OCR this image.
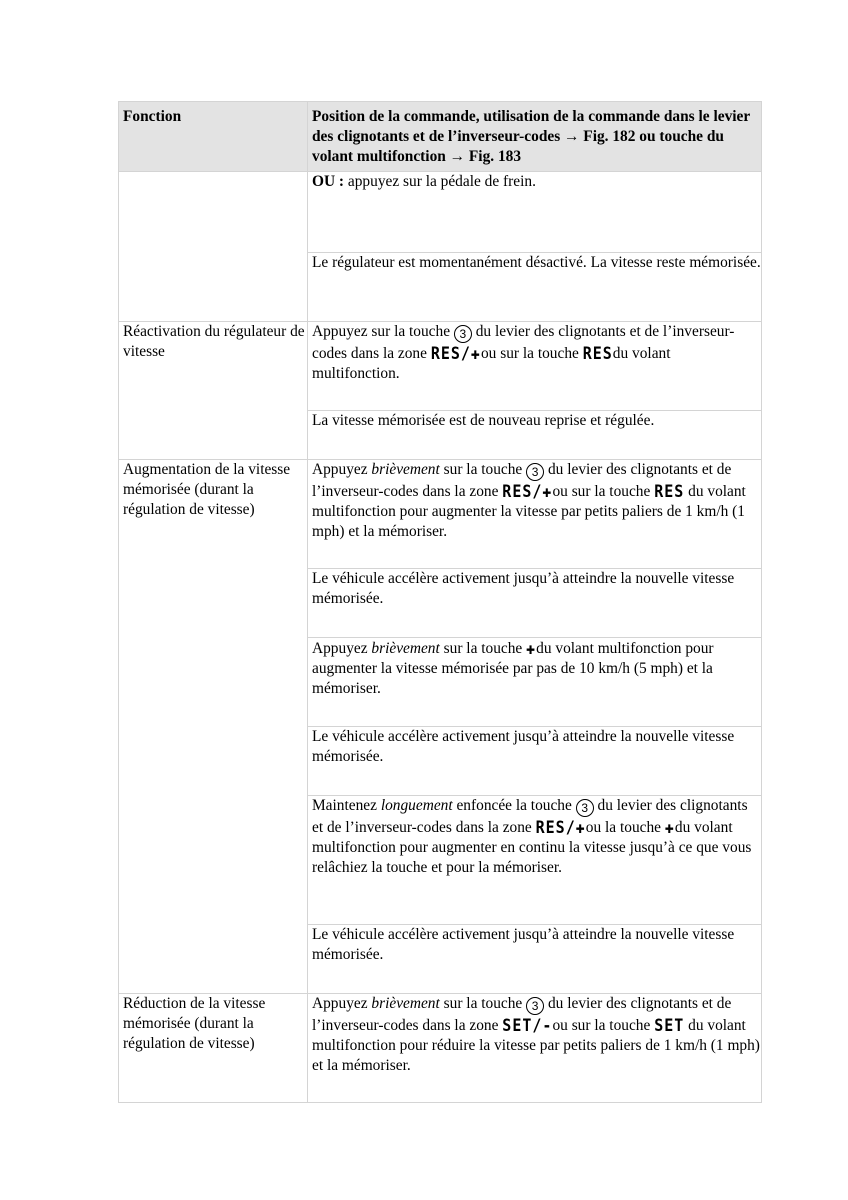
Fonction	Position de la commande, utilisation de la commande dans le levier des clignotants et de l’inverseur-codes → Fig. 182 ou touche du volant multifonction → Fig. 183
	OU : appuyez sur la pédale de frein.
	Le régulateur est momentanément désactivé. La vitesse reste mémorisée.
Réactivation du régulateur de vitesse	Appuyez sur la touche 3 du levier des clignotants et de l’inverseur-codes dans la zone RES/✚ou sur la touche RESdu volant multifonction.
	La vitesse mémorisée est de nouveau reprise et régulée.
Augmentation de la vitesse mémorisée (durant la régulation de vitesse)	Appuyez brièvement sur la touche 3 du levier des clignotants et de l’inverseur-codes dans la zone RES/✚ou sur la touche RES du volant multifonction pour augmenter la vitesse par petits paliers de 1 km/h (1 mph) et la mémoriser.
	Le véhicule accélère activement jusqu’à atteindre la nouvelle vitesse mémorisée.
	Appuyez brièvement sur la touche ✚du volant multifonction pour augmenter la vitesse mémorisée par pas de 10 km/h (5 mph) et la mémoriser.
	Le véhicule accélère activement jusqu’à atteindre la nouvelle vitesse mémorisée.
	Maintenez longuement enfoncée la touche 3 du levier des clignotants et de l’inverseur-codes dans la zone RES/✚ou la touche ✚du volant multifonction pour augmenter en continu la vitesse jusqu’à ce que vous relâchiez la touche et pour la mémoriser.
	Le véhicule accélère activement jusqu’à atteindre la nouvelle vitesse mémorisée.
Réduction de la vitesse mémorisée (durant la régulation de vitesse)	Appuyez brièvement sur la touche 3 du levier des clignotants et de l’inverseur-codes dans la zone SET/-ou sur la touche SET du volant multifonction pour réduire la vitesse par petits paliers de 1 km/h (1 mph) et la mémoriser.
